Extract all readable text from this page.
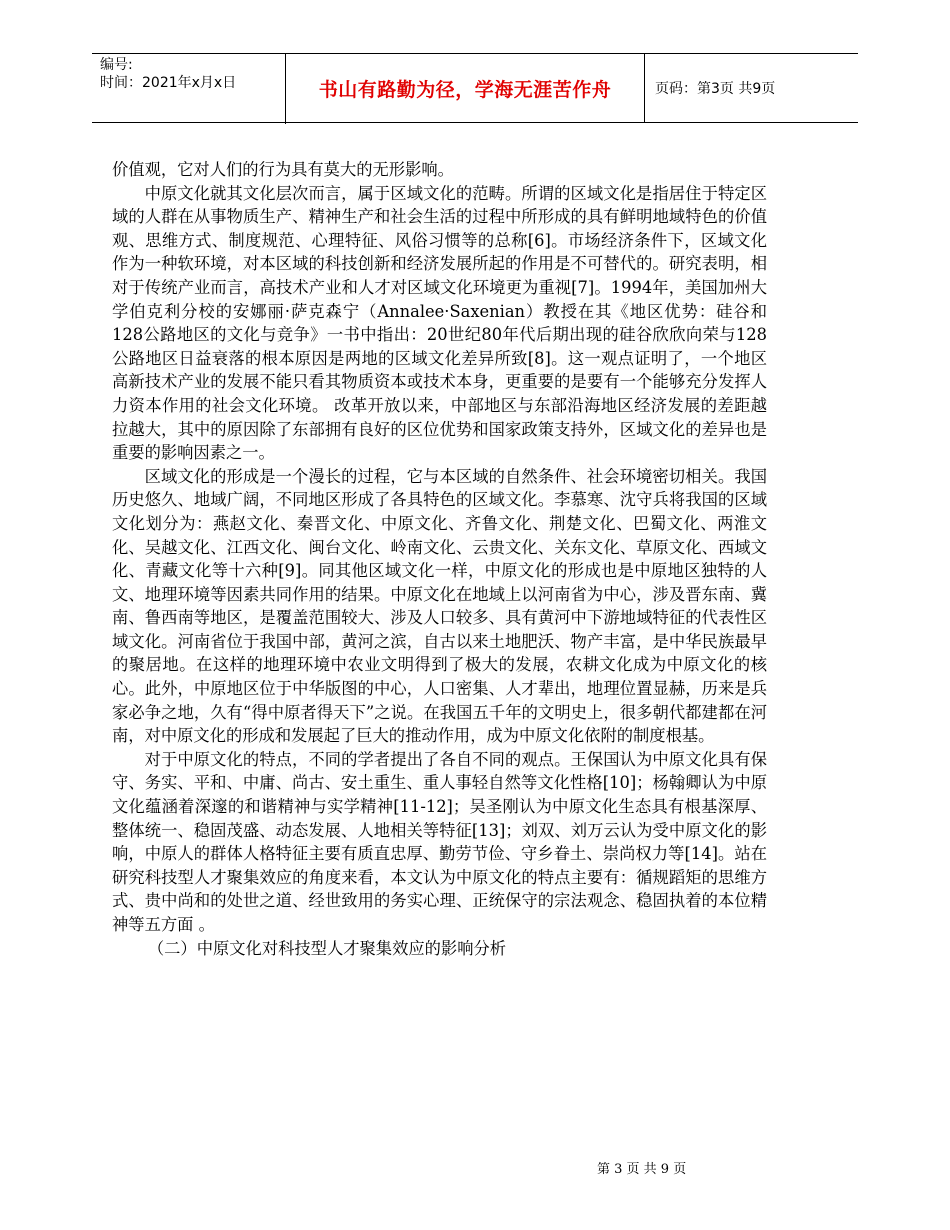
编号:
时间：2021年x月x日	书山有路勤为径，学海无涯苦作舟	页码：第3页 共9页

价值观，它对人们的行为具有莫大的无形影响。

中原文化就其文化层次而言，属于区域文化的范畴。所谓的区域文化是指居住于特定区域的人群在从事物质生产、精神生产和社会生活的过程中所形成的具有鲜明地域特色的价值观、思维方式、制度规范、心理特征、风俗习惯等的总称[6]。市场经济条件下，区域文化作为一种软环境，对本区域的科技创新和经济发展所起的作用是不可替代的。研究表明，相对于传统产业而言，高技术产业和人才对区域文化环境更为重视[7]。1994年，美国加州大学伯克利分校的安娜丽·萨克森宁（Annalee·Saxenian）教授在其《地区优势：硅谷和128公路地区的文化与竞争》一书中指出：20世纪80年代后期出现的硅谷欣欣向荣与128公路地区日益衰落的根本原因是两地的区域文化差异所致[8]。这一观点证明了，一个地区高新技术产业的发展不能只看其物质资本或技术本身，更重要的是要有一个能够充分发挥人力资本作用的社会文化环境。 改革开放以来，中部地区与东部沿海地区经济发展的差距越拉越大，其中的原因除了东部拥有良好的区位优势和国家政策支持外，区域文化的差异也是重要的影响因素之一。

区域文化的形成是一个漫长的过程，它与本区域的自然条件、社会环境密切相关。我国历史悠久、地域广阔，不同地区形成了各具特色的区域文化。李慕寒、沈守兵将我国的区域文化划分为：燕赵文化、秦晋文化、中原文化、齐鲁文化、荆楚文化、巴蜀文化、两淮文化、吴越文化、江西文化、闽台文化、岭南文化、云贵文化、关东文化、草原文化、西域文化、青藏文化等十六种[9]。同其他区域文化一样，中原文化的形成也是中原地区独特的人文、地理环境等因素共同作用的结果。中原文化在地域上以河南省为中心，涉及晋东南、冀南、鲁西南等地区，是覆盖范围较大、涉及人口较多、具有黄河中下游地域特征的代表性区域文化。河南省位于我国中部，黄河之滨，自古以来土地肥沃、物产丰富，是中华民族最早的聚居地。在这样的地理环境中农业文明得到了极大的发展，农耕文化成为中原文化的核心。此外，中原地区位于中华版图的中心，人口密集、人才辈出，地理位置显赫，历来是兵家必争之地，久有“得中原者得天下”之说。在我国五千年的文明史上，很多朝代都建都在河南，对中原文化的形成和发展起了巨大的推动作用，成为中原文化依附的制度根基。

对于中原文化的特点，不同的学者提出了各自不同的观点。王保国认为中原文化具有保守、务实、平和、中庸、尚古、安土重生、重人事轻自然等文化性格[10]；杨翰卿认为中原文化蕴涵着深邃的和谐精神与实学精神[11-12]；吴圣刚认为中原文化生态具有根基深厚、整体统一、稳固茂盛、动态发展、人地相关等特征[13]；刘双、刘万云认为受中原文化的影响，中原人的群体人格特征主要有质直忠厚、勤劳节俭、守乡眷土、崇尚权力等[14]。站在研究科技型人才聚集效应的角度来看，本文认为中原文化的特点主要有：循规蹈矩的思维方式、贵中尚和的处世之道、经世致用的务实心理、正统保守的宗法观念、稳固执着的本位精神等五方面 。

（二）中原文化对科技型人才聚集效应的影响分析

第 3 页 共 9 页
